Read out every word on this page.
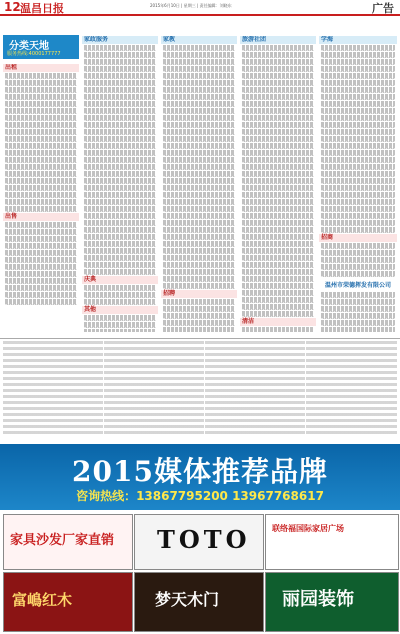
12 温昌日报	2015年6月10日 | 星期三 | 责任编辑：刘晓东	广告
分类天地
服务热线:4000177777
出租
出售
家政服务
庆典
其他
家教
招聘
旅游社团
清洁
学海
招商
温州市荣德挥发有限公司
2015媒体推荐品牌
咨询热线：13867795200 13967768617
家具沙发厂家直销 TOTO	联络福国际家居广场
富嶋红木	梦天木门	丽园装饰
